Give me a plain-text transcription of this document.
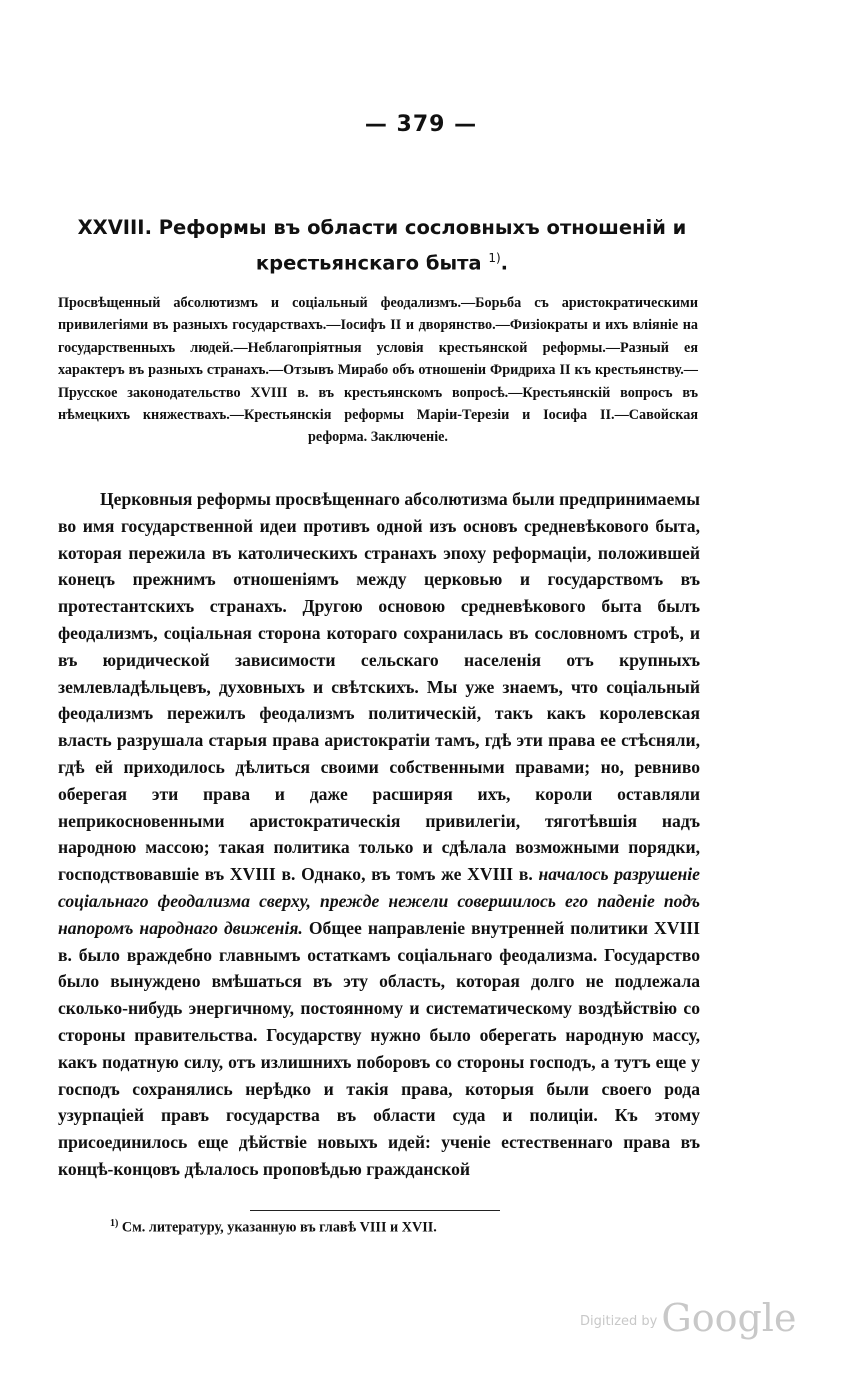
— 379 —
XXVIII. Реформы въ области сословныхъ отношеній и крестьянскаго быта $^{1)}$.
Просвѣщенный абсолютизмъ и соціальный феодализмъ.—Борьба съ аристократическими привилегіями въ разныхъ государствахъ.—Іосифъ II и дворянство.—Физіократы и ихъ вліяніе на государственныхъ людей.—Неблагопріятныя условія крестьянской реформы.—Разный ея характеръ въ разныхъ странахъ.—Отзывъ Мирабо объ отношеніи Фридриха II къ крестьянству.—Прусское законодательство XVIII в. въ крестьянскомъ вопросѣ.—Крестьянскій вопросъ въ нѣмецкихъ княжествахъ.—Крестьянскія реформы Маріи-Терезіи и Іосифа II.—Савойская реформа. Заключеніе.
Церковныя реформы просвѣщеннаго абсолютизма были предпринимаемы во имя государственной идеи противъ одной изъ основъ средневѣкового быта, которая пережила въ католическихъ странахъ эпоху реформаціи, положившей конецъ прежнимъ отношеніямъ между церковью и государствомъ въ протестантскихъ странахъ. Другою основою средневѣкового быта былъ феодализмъ, соціальная сторона котораго сохранилась въ сословномъ строѣ, и въ юридической зависимости сельскаго населенія отъ крупныхъ землевладѣльцевъ, духовныхъ и свѣтскихъ. Мы уже знаемъ, что соціальный феодализмъ пережилъ феодализмъ политическій, такъ какъ королевская власть разрушала старыя права аристократіи тамъ, гдѣ эти права ее стѣсняли, гдѣ ей приходилось дѣлиться своими собственными правами; но, ревниво оберегая эти права и даже расширяя ихъ, короли оставляли неприкосновенными аристократическія привилегіи, тяготѣвшія надъ народною массою; такая политика только и сдѣлала возможными порядки, господствовавшіе въ XVIII в. Однако, въ томъ же XVIII в. началось разрушеніе соціальнаго феодализма сверху, прежде нежели совершилось его паденіе подъ напоромъ народнаго движенія. Общее направленіе внутренней политики XVIII в. было враждебно главнымъ остаткамъ соціальнаго феодализма. Государство было вынуждено вмѣшаться въ эту область, которая долго не подлежала сколько-нибудь энергичному, постоянному и систематическому воздѣйствію со стороны правительства. Государству нужно было оберегать народную массу, какъ податную силу, отъ излишнихъ поборовъ со стороны господъ, а тутъ еще у господъ сохранялись нерѣдко и такія права, которыя были своего рода узурпаціей правъ государства въ области суда и полиціи. Къ этому присоединилось еще дѣйствіе новыхъ идей: ученіе естественнаго права въ концѣ-концовъ дѣлалось проповѣдью гражданской
$^{1)}$ См. литературу, указанную въ главѣ VIII и XVII.
$^{Digitized by}$ Google
